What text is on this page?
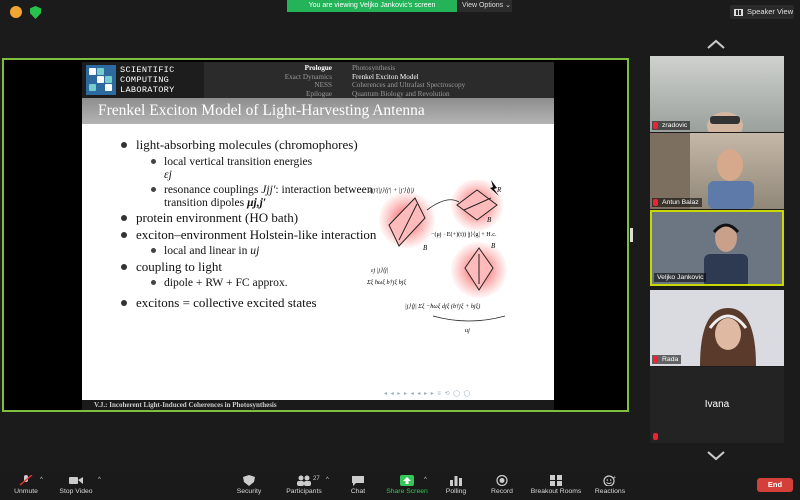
You are viewing Veljko Jankovic's screen	View Options ⌄
Speaker View
SCIENTIFIC
COMPUTING
LABORATORY
Prologue
Exact Dynamics
NESS
Epilogue
Photosynthesis
Frenkel Exciton Model
Coherences and Ultrafast Spectroscopy
Quantum Biology and Revolution
Frenkel Exciton Model of Light-Harvesting Antenna
light-absorbing molecules (chromophores)
local vertical transition energies
εj
resonance couplings Jjj′: interaction between transition dipoles μj,j′
protein environment (HO bath)
exciton–environment Holstein-like interaction
local and linear in uj
coupling to light
dipole + RW + FC approx.
excitons = collective excited states
R
B
B
B
Jjj′(|j⟩⟨j′| + |j′⟩⟨j|)
−(μj · E(+)(t)) |j⟩⟨g| + H.c.
εj |j⟩⟨j|
Σξ ħωξ b†jξ bjξ
|j⟩⟨j| Σξ −ħωξ djξ (b†jξ + bjξ)
uj
◂ ◂ ▸ ▸ ◂ ◂ ▸ ▸ ≡ ⟲ ◯ ◯
V.J.: Incoherent Light-Induced Coherences in Photosynthesis
zradovic
Antun Balaz
Veljko Jankovic
Rada
Ivana
Unmute
^
Stop Video
^
Security	Participants
27 ^
Chat	Share Screen
^
Polling	Record	Breakout Rooms
+
Reactions
End
